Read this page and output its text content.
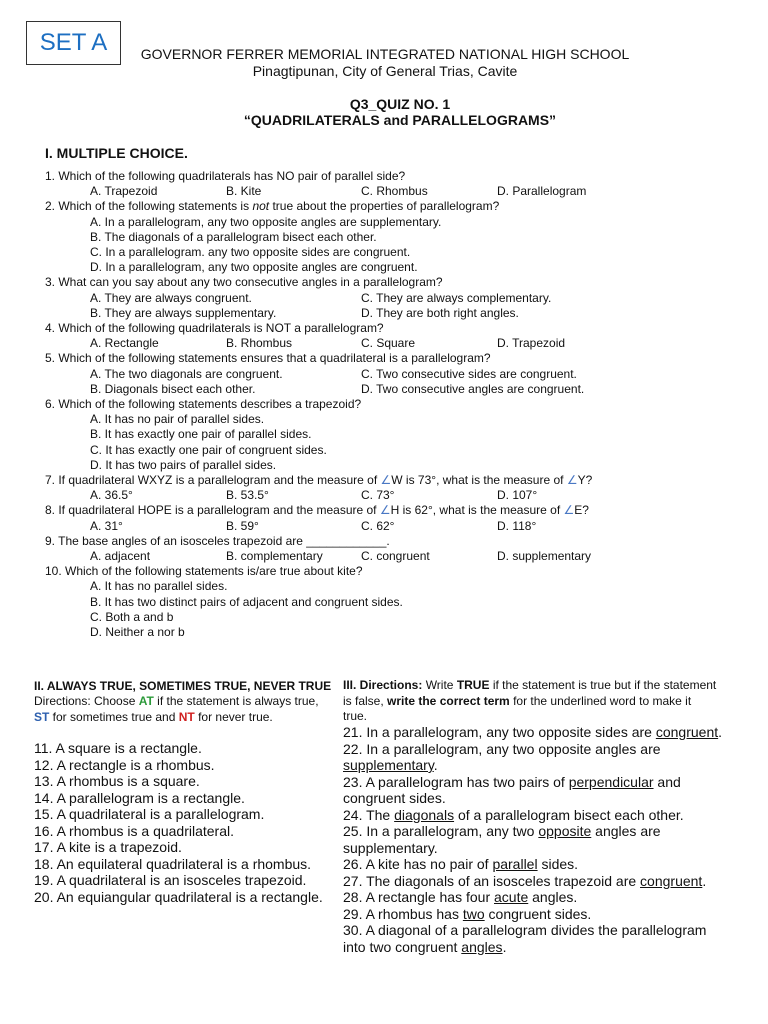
SET A	GOVERNOR FERRER MEMORIAL INTEGRATED NATIONAL HIGH SCHOOL
Pinagtipunan, City of General Trias, Cavite
Q3_QUIZ NO. 1
“QUADRILATERALS and PARALLELOGRAMS”
I. MULTIPLE CHOICE.
1. Which of the following quadrilaterals has NO pair of parallel side?
A. Trapezoid	B. Kite	C. Rhombus	D. Parallelogram
2. Which of the following statements is not true about the properties of parallelogram?
A. In a parallelogram, any two opposite angles are supplementary.
B. The diagonals of a parallelogram bisect each other.
C. In a parallelogram. any two opposite sides are congruent.
D. In a parallelogram, any two opposite angles are congruent.
3. What can you say about any two consecutive angles in a parallelogram?
A. They are always congruent.	C. They are always complementary.
B. They are always supplementary.	D. They are both right angles.
4. Which of the following quadrilaterals is NOT a parallelogram?
A. Rectangle	B. Rhombus	C. Square	D. Trapezoid
5. Which of the following statements ensures that a quadrilateral is a parallelogram?
A. The two diagonals are congruent.	C. Two consecutive sides are congruent.
B. Diagonals bisect each other.	D. Two consecutive angles are congruent.
6. Which of the following statements describes a trapezoid?
A. It has no pair of parallel sides.
B. It has exactly one pair of parallel sides.
C. It has exactly one pair of congruent sides.
D. It has two pairs of parallel sides.
7. If quadrilateral WXYZ is a parallelogram and the measure of ∠W is 73°, what is the measure of ∠Y?
A. 36.5°	B. 53.5°	C. 73°	D. 107°
8. If quadrilateral HOPE is a parallelogram and the measure of ∠H is 62°, what is the measure of ∠E?
A. 31°	B. 59°	C. 62°	D. 118°
9. The base angles of an isosceles trapezoid are ____________.
A. adjacent	B. complementary	C. congruent	D. supplementary
10. Which of the following statements is/are true about kite?
A. It has no parallel sides.
B. It has two distinct pairs of adjacent and congruent sides.
C. Both a and b
D. Neither a nor b
II. ALWAYS TRUE, SOMETIMES TRUE, NEVER TRUE
Directions: Choose AT if the statement is always true, ST for sometimes true and NT for never true.
11. A square is a rectangle.
12. A rectangle is a rhombus.
13. A rhombus is a square.
14. A parallelogram is a rectangle.
15. A quadrilateral is a parallelogram.
16. A rhombus is a quadrilateral.
17. A kite is a trapezoid.
18. An equilateral quadrilateral is a rhombus.
19. A quadrilateral is an isosceles trapezoid.
20. An equiangular quadrilateral is a rectangle.
III. Directions: Write TRUE if the statement is true but if the statement is false, write the correct term for the underlined word to make it true.
21. In a parallelogram, any two opposite sides are congruent.
22. In a parallelogram, any two opposite angles are supplementary.
23. A parallelogram has two pairs of perpendicular and congruent sides.
24. The diagonals of a parallelogram bisect each other.
25. In a parallelogram, any two opposite angles are supplementary.
26. A kite has no pair of parallel sides.
27. The diagonals of an isosceles trapezoid are congruent.
28. A rectangle has four acute angles.
29. A rhombus has two congruent sides.
30. A diagonal of a parallelogram divides the parallelogram into two congruent angles.
